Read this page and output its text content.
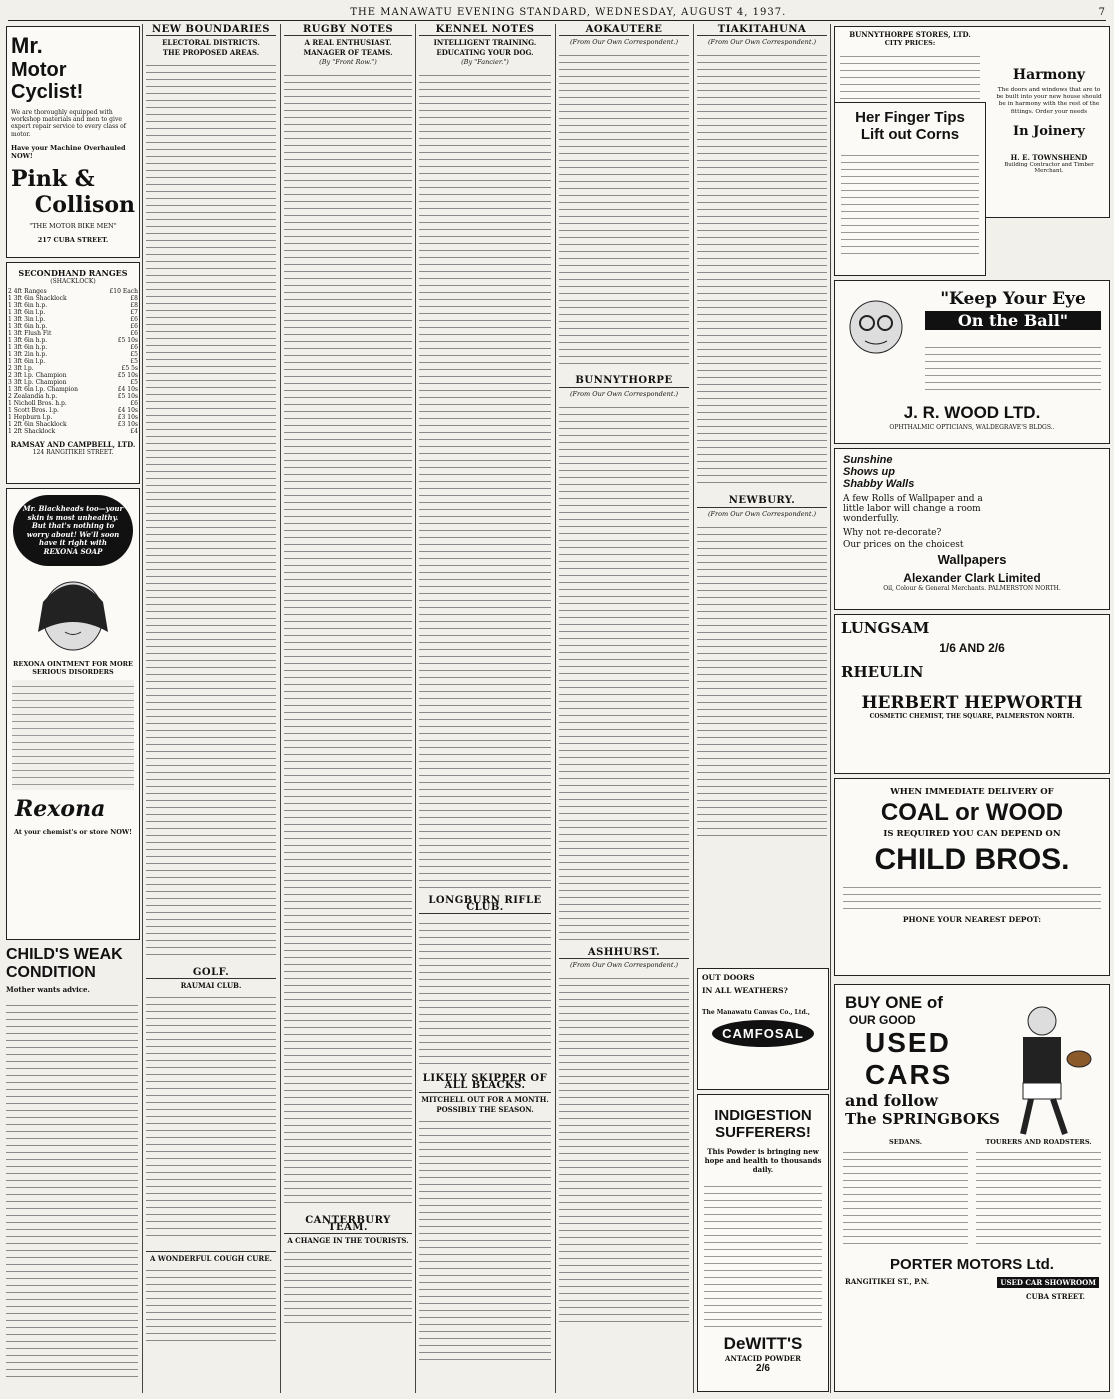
THE MANAWATU EVENING STANDARD, WEDNESDAY, AUGUST 4, 1937.	7
Mr.
Motor Cyclist!
We are thoroughly equipped with workshop materials and men to give expert repair service to every class of motor.
Have your Machine Overhauled NOW!
Pink &
Collison
"THE MOTOR BIKE MEN"
217 CUBA STREET.
SECONDHAND RANGES
(SHACKLOCK)
2 4ft Ranges	£10 Each
1 3ft 6in Shacklock	£8
1 3ft 6in h.p.	£8
1 3ft 6in l.p.	£7
1 3ft 3in l.p.	£6
1 3ft 6in h.p.	£6
1 3ft Flush Fit	£6
1 3ft 6in h.p.	£5 10s
1 3ft 6in h.p.	£6
1 3ft 2in h.p.	£5
1 3ft 6in l.p.	£5
2 3ft l.p.	£5 5s
2 3ft l.p. Champion	£5 10s
3 3ft l.p. Champion	£5
1 3ft 6in l.p. Champion	£4 10s
2 Zealandia h.p.	£5 10s
1 Nicholl Bros. h.p.	£6
1 Scott Bros. l.p.	£4 10s
1 Hepburn l.p.	£3 10s
1 2ft 6in Shacklock	£3 10s
1 2ft Shacklock	£4
RAMSAY AND CAMPBELL, LTD.
124 RANGITIKEI STREET.
Mr. Blackheads too—your skin is most unhealthy. But that's nothing to worry about! We'll soon have it right with REXONA SOAP
REXONA OINTMENT FOR MORE SERIOUS DISORDERS
Rexona
At your chemist's or store NOW!
CHILD'S WEAK
CONDITION
Mother wants advice.
NEW BOUNDARIES
ELECTORAL DISTRICTS.
THE PROPOSED AREAS.
GOLF.
RAUMAI CLUB.
A WONDERFUL COUGH CURE.
RUGBY NOTES
A REAL ENTHUSIAST.
MANAGER OF TEAMS.
(By "Front Row.")
CANTERBURY TEAM.
A CHANGE IN THE TOURISTS.
KENNEL NOTES
INTELLIGENT TRAINING.
EDUCATING YOUR DOG.
(By "Fancier.")
LONGBURN RIFLE CLUB.
LIKELY SKIPPER OF ALL BLACKS.
MITCHELL OUT FOR A MONTH.
POSSIBLY THE SEASON.
AOKAUTERE
(From Our Own Correspondent.)
BUNNYTHORPE
(From Our Own Correspondent.)
ASHHURST.
(From Our Own Correspondent.)
TIAKITAHUNA
(From Our Own Correspondent.)
NEWBURY.
(From Our Own Correspondent.)
OUT DOORS
IN ALL WEATHERS?
The Manawatu Canvas Co., Ltd.,
CAMFOSAL
INDIGESTION
SUFFERERS!
This Powder is bringing new hope and health to thousands daily.
DeWITT'S
ANTACID POWDER
2/6
BUNNYTHORPE STORES, LTD.
CITY PRICES:
Harmony
The doors and windows that are to be built into your new house should be in harmony with the rest of the fittings. Order your needs
In Joinery
H. E. TOWNSHEND
Building Contractor and Timber Merchant.
Her Finger Tips
Lift out Corns
"Keep Your Eye
On the Ball"
J. R. WOOD LTD.
OPHTHALMIC OPTICIANS, WALDEGRAVE'S BLDGS..
Sunshine
Shows up
Shabby Walls
A few Rolls of Wallpaper and a little labor will change a room wonderfully.
Why not re-decorate?
Our prices on the choicest
Wallpapers
Alexander Clark Limited
Oil, Colour & General Merchants. PALMERSTON NORTH.
LUNGSAM
1/6 AND 2/6
RHEULIN
HERBERT HEPWORTH
COSMETIC CHEMIST, THE SQUARE, PALMERSTON NORTH.
WHEN IMMEDIATE DELIVERY OF
COAL or WOOD
IS REQUIRED YOU CAN DEPEND ON
CHILD BROS.
PHONE YOUR NEAREST DEPOT:
BUY ONE of
OUR GOOD
USED
CARS
and follow
The SPRINGBOKS
SEDANS.	TOURERS AND ROADSTERS.
PORTER MOTORS Ltd.
RANGITIKEI ST., P.N.	USED CAR SHOWROOM
CUBA STREET.
